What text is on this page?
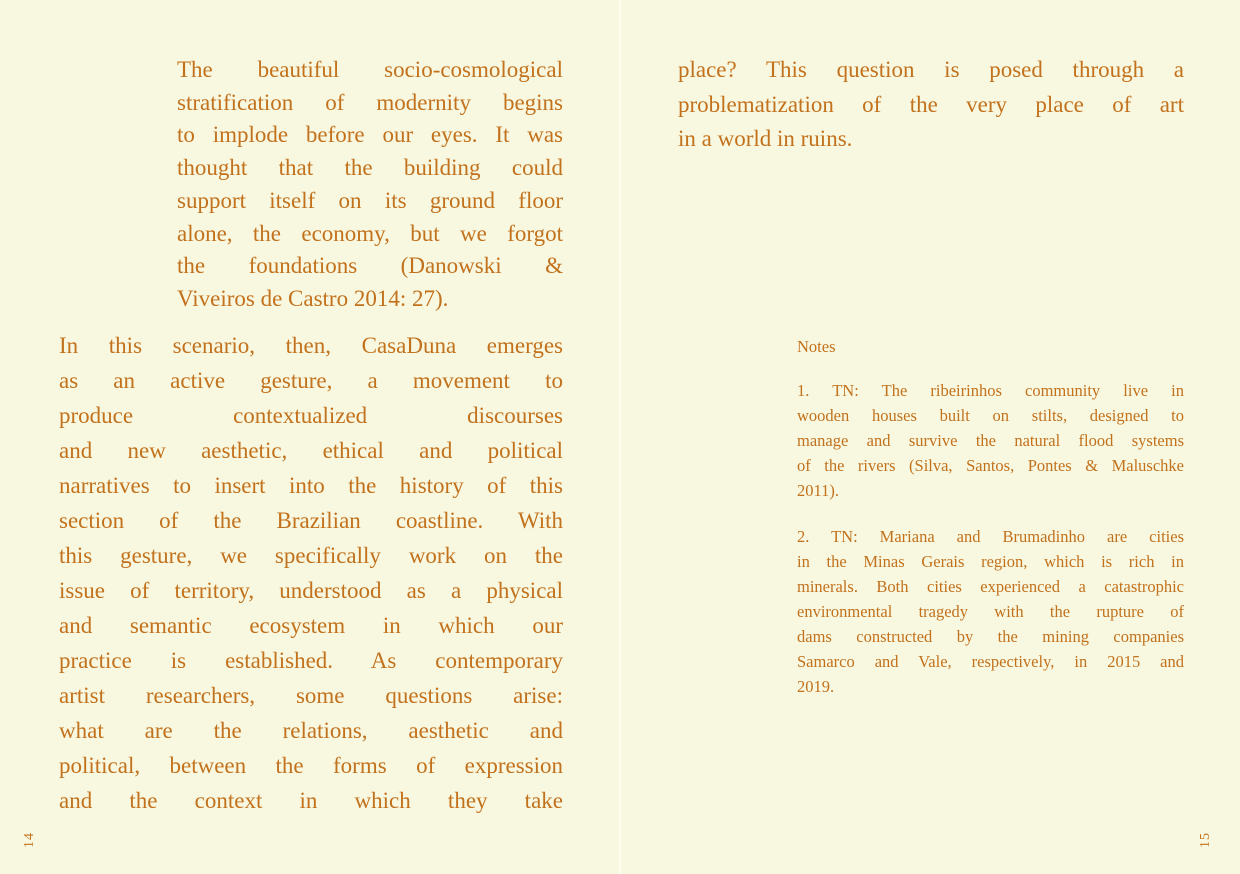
The beautiful socio-cosmological
stratification of modernity begins
to implode before our eyes. It was
thought that the building could
support itself on its ground floor
alone, the economy, but we forgot
the foundations (Danowski &
Viveiros de Castro 2014: 27).
In this scenario, then, CasaDuna emerges
as an active gesture, a movement to
produce contextualized discourses
and new aesthetic, ethical and political
narratives to insert into the history of this
section of the Brazilian coastline. With
this gesture, we specifically work on the
issue of territory, understood as a physical
and semantic ecosystem in which our
practice is established. As contemporary
artist researchers, some questions arise:
what are the relations, aesthetic and
political, between the forms of expression
and the context in which they take
14
place? This question is posed through a
problematization of the very place of art
in a world in ruins.
Notes
1. TN: The ribeirinhos community live in
wooden houses built on stilts, designed to
manage and survive the natural flood systems
of the rivers (Silva, Santos, Pontes & Maluschke
2011).
2. TN: Mariana and Brumadinho are cities
in the Minas Gerais region, which is rich in
minerals. Both cities experienced a catastrophic
environmental tragedy with the rupture of
dams constructed by the mining companies
Samarco and Vale, respectively, in 2015 and
2019.
15
